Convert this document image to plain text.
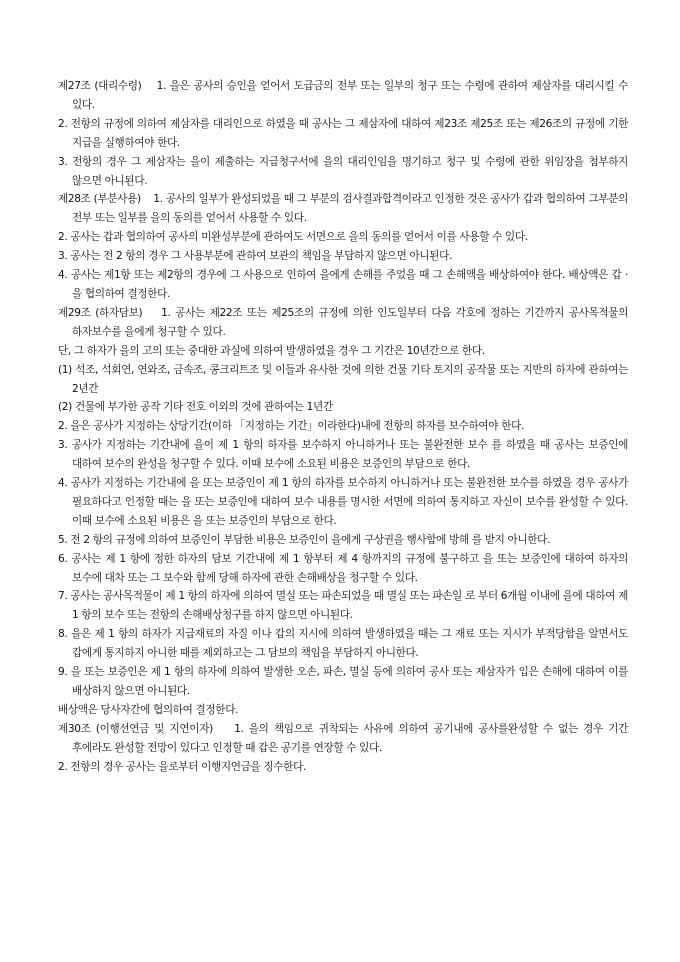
제27조 (대리수령) 1. 을은 공사의 승인을 얻어서 도급금의 전부 또는 일부의 청구 또는 수령에 관하여 제삼자를 대리시킬 수 있다.

2. 전항의 규정에 의하여 제삼자를 대리인으로 하였을 때 공사는 그 제삼자에 대하여 제23조 제25조 또는 제26조의 규정에 기한 지급을 실행하여야 한다.

3. 전항의 경우 그 제삼자는 을이 제출하는 지급청구서에 을의 대리인임을 명기하고 청구 및 수령에 관한 위임장을 첨부하지 않으면 아니된다.

제28조 (부분사용) 1. 공사의 일부가 완성되었을 때 그 부분의 검사결과합격이라고 인정한 것은 공사가 갑과 협의하여 그부분의 전부 또는 일부를 을의 동의를 얻어서 사용할 수 있다.

2. 공사는 갑과 협의하여 공사의 미완성부분에 관하여도 서면으로 을의 동의를 얻어서 이를 사용할 수 있다.

3. 공사는 전 2 항의 경우 그 사용부분에 관하여 보관의 책임을 부담하지 않으면 아니된다.

4. 공사는 제1항 또는 제2항의 경우에 그 사용으로 인하여 을에게 손해를 주었을 때 그 손해액을 배상하여야 한다. 배상액은 갑 · 을 협의하여 결정한다.

제29조 (하자담보) 1. 공사는 제22조 또는 제25조의 규정에 의한 인도일부터 다음 각호에 정하는 기간까지 공사목적물의 하자보수를 을에게 청구할 수 있다.

단, 그 하자가 을의 고의 또는 중대한 과실에 의하여 발생하였을 경우 그 기간은 10년간으로 한다.

(1) 석조, 석회연, 연와조, 금속조, 콩크리트조 및 이들과 유사한 것에 의한 건물 기타 토지의 공작물 또는 지반의 하자에 관하여는 2년간

(2) 건물에 부가한 공작 기타 전호 이외의 것에 관하여는 1년간

2. 을은 공사가 지정하는 상당기간(이하 「지정하는 기간」이라한다)내에 전항의 하자를 보수하여야 한다.

3. 공사가 지정하는 기간내에 을이 제 1 항의 하자를 보수하지 아니하거나 또는 불완전한 보수 를 하였을 때 공사는 보증인에 대하여 보수의 완성을 청구할 수 있다. 이때 보수에 소요된 비용은 보증인의 부담으로 한다.

4. 공사가 지정하는 기간내에 을 또는 보증인이 제 1 항의 하자를 보수하지 아니하거나 또는 불완전한 보수를 하였을 경우 공사가 필요하다고 인정할 때는 을 또는 보증인에 대하여 보수 내용를 명시한 서면에 의하여 통지하고 자신이 보수를 완성할 수 있다. 이때 보수에 소요된 비용은 을 또는 보증인의 부담으로 한다.

5. 전 2 항의 규정에 의하여 보증인이 부담한 비용은 보증인이 을에게 구상권을 행사함에 방해 를 받지 아니한다.

6. 공사는 제 1 항에 정한 하자의 담보 기간내에 제 1 항부터 제 4 항까지의 규정에 불구하고 을 또는 보증인에 대하여 하자의 보수에 대차 또는 그 보수와 함께 당해 하자에 관한 손해배상을 청구할 수 있다.

7. 공사는 공사목적물이 제 1 항의 하자에 의하여 멸실 또는 파손되었을 때 멸실 또는 파손일 로 부터 6개월 이내에 을에 대하여 제 1 항의 보수 또는 전항의 손해배상청구를 하지 않으면 아니된다.

8. 을은 제 1 항의 하자가 지급재료의 자질 이나 갑의 지시에 의하여 발생하였을 때는 그 재료 또는 지시가 부적당함을 알면서도 갑에게 통지하지 아니한 때를 제외하고는 그 담보의 책임을 부담하지 아니한다.

9. 을 또는 보증인은 제 1 항의 하자에 의하여 발생한 오손, 파손, 멸실 등에 의하여 공사 또는 제삼자가 입은 손해에 대하여 이를 배상하지 않으면 아니된다.

배상액은 당사자간에 협의하여 결정한다.

제30조 (이행선연금 및 지연이자) 1. 을의 책임으로 귀착되는 사유에 의하여 공기내에 공사를완성할 수 없는 경우 기간 후에라도 완성할 전망이 있다고 인정할 때 갑은 공기를 연장할 수 있다.

2. 전항의 경우 공사는 을로부터 이행지연금을 징수한다.
